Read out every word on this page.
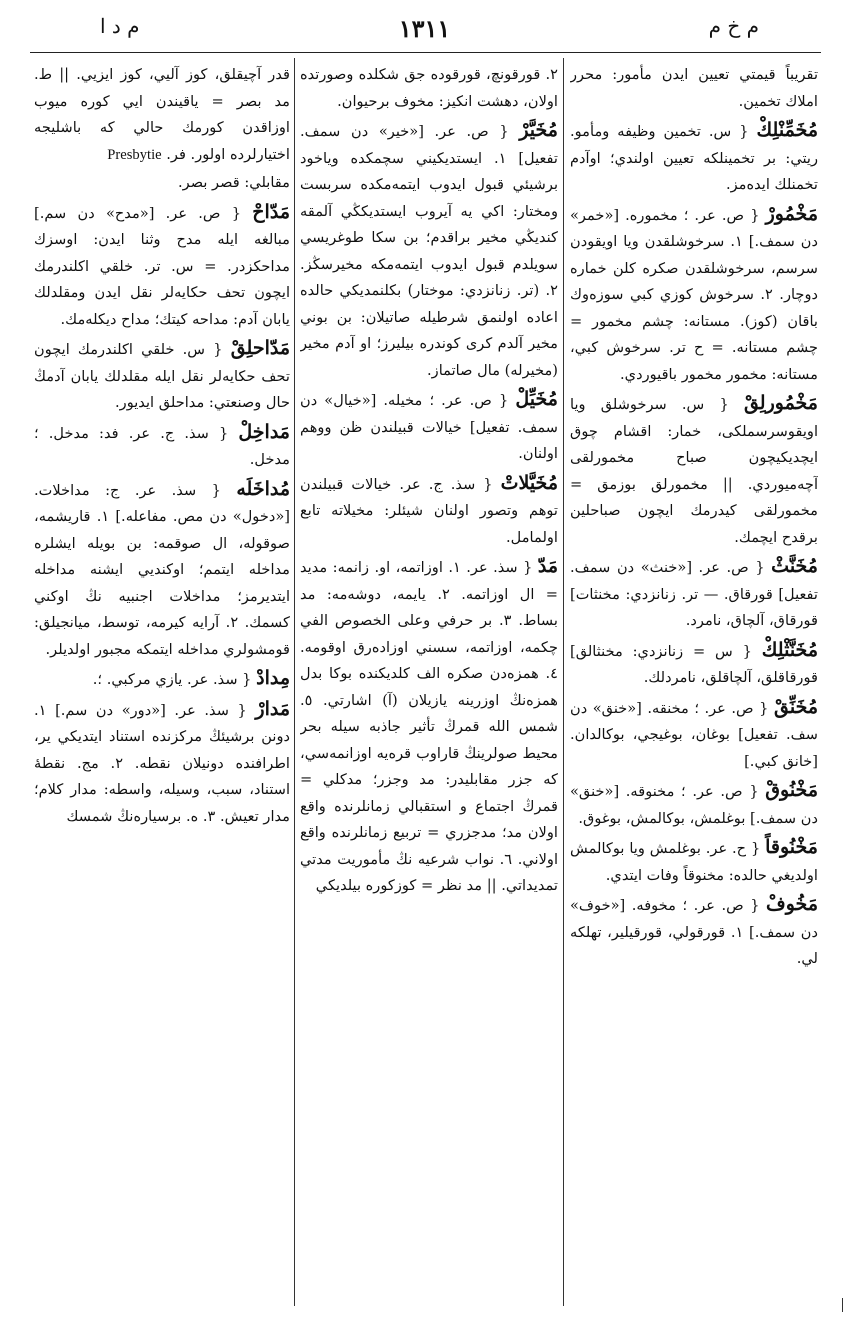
م د ا	١٣١١	م خ م

تقريباً قيمتي تعيين ايدن مأمور: محرر املاك تخمين.

مُخَمِّنْلِكْ { س. تخمين وظيفه ومأمو. ريتي: بر تخمينلكه تعيين اولندي؛ اوآدم تخمنلك ايدەمز.

مَخْمُورْ { ص. عر. ؛ مخموره. [«خمر» دن سمف.] ١. سرخوشلقدن ويا اويقودن سرسم، سرخوشلقدن صكره كلن خماره دوچار. ٢. سرخوش كوزي كبي سوزەوك باقان (كوز). مستانه: چشم مخمور = چشم مستانه. = ح تر. سرخوش كبي، مستانه: مخمور مخمور باقيوردي.

مَخْمُورلِقْ { س. سرخوشلق ويا اويقوسرسملكى، خمار: اقشام چوق ايچديكيچون صباح مخمورلقى آچەميوردي. || مخمورلق بوزمق = مخمورلقى كيدرمك ايچون صباحلين برقدح ايچمك.

مُخَنَّثْ { ص. عر. [«خنث» دن سمف. تفعيل] قورقاق. — تر. زنانزدي: مخنثات] قورقاق، آلچاق، نامرد.

مُخَنَّثْلِكْ { س = زنانزدي: مخنثالق] قورقاقلق، آلچاقلق، نامردلك.

مُخَنِّقْ { ص. عر. ؛ مخنقه. [«خنق» دن سف. تفعيل] بوغان، بوغيجي، بوكالدان. [خانق كبي.]

مَخْنُوقْ { ص. عر. ؛ مخنوقه. [«خنق» دن سمف.] بوغلمش، بوكالمش، بوغوق.

مَخْنُوقاً { ح. عر. بوغلمش ويا بوكالمش اولديغي حالده: مخنوقاً وفات ايتدي.

مَخُوفْ { ص. عر. ؛ مخوفه. [«خوف» دن سمف.] ١. قورقولي، قورقيلير، تهلكه لي.

٢. قورقونچ، قورقوده جق شكلده وصورتده اولان، دهشت انكيز: مخوف برحيوان.

مُخَيَّرْ { ص. عر. [«خير» دن سمف. تفعيل] ١. ايستديكيني سچمكده وياخود برشيئي قبول ايدوب ايتمەمكده سربست ومختار: اكي يه آيروب ايستديكڭي آلمقه كنديڭي مخير براقدم؛ بن سكا طوغريسي سويلدم قبول ايدوب ايتمەمكه مخيرسڭز. ٢. (تر. زنانزدي: موختار) بكلنمديكي حالده اعاده اولنمق شرطيله صاتيلان: بن بوني مخير آلدم كرى كوندره بيليرز؛ او آدم مخير (مخيرله) مال صاتماز.

مُخَيِّلْ { ص. عر. ؛ مخيله. [«خيال» دن سمف. تفعيل] خيالات قبيلندن ظن ووهم اولنان.

مُخَيَّلاتْ { سذ. ج. عر. خيالات قبيلندن توهم وتصور اولنان شيئلر: مخيلاته تابع اولمامل.

مَدّ { سذ. عر. ١. اوزاتمه، او. زانمه: مديد = ال اوزاتمه. ٢. يايمه، دوشەمه: مد بساط. ٣. بر حرفي وعلى الخصوص الفي چكمه، اوزاتمه، سسني اوزادەرق اوقومه. ٤. همزەدن صكره الف كلديكنده بوكا بدل همزەنڭ اوزرينه يازيلان (آ) اشارتي. ٥. شمس الله قمرڭ تأثير جاذبه سيله بحر محيط صولرينڭ قاراوب قرەيه اوزانمەسي، كه جزر مقابليدر: مد وجزر؛ مدكلي = قمرڭ اجتماع و استقبالي زمانلرنده واقع اولان مد؛ مدجزري = تربيع زمانلرنده واقع اولاني. ٦. نواب شرعيه نڭ مأموريت مدتي تمديداتي. || مد نظر = كوزكوره بيلديكي

قدر آچيقلق، كوز آليي، كوز ايزيي. || ط. مد بصر = ياقيندن ايي كوره ميوب اوزاقدن كورمك حالي كه باشليجه اختيارلرده اولور. فر. Presbytie

مقابلي: قصر بصر.

مَدّاحْ { ص. عر. [«مدح» دن سم.] مبالغه ايله مدح وثنا ايدن: اوسزك مداحكزدر. = س. تر. خلقي اكلندرمك ايچون تحف حكايەلر نقل ايدن ومقلدلك يابان آدم: مداحه كيتك؛ مداح ديكلەمك.

مَدّاحلِقْ { س. خلقي اكلندرمك ايچون تحف حكايەلر نقل ايله مقلدلك يابان آدمڭ حال وصنعتي: مداحلق ايديور.

مَداخِلْ { سذ. ج. عر. فد: مدخل. ؛ مدخل.

مُداخَلَه { سذ. عر. ج: مداخلات. [«دخول» دن مص. مفاعله.] ١. قاريشمه، صوقوله، ال صوقمه: بن بويله ايشلره مداخله ايتمم؛ اوكنديي ايشنه مداخله ايتديرمز؛ مداخلات اجنبيه نڭ اوكني كسمك. ٢. آرايه كيرمه، توسط، ميانجيلق: قومشولري مداخله ايتمكه مجبور اولديلر.

مِدادْ { سذ. عر. يازي مركبي. ؛.

مَدارْ { سذ. عر. [«دور» دن سم.] ١. دونن برشيئڭ مركزنده استناد ايتديكي ير، اطرافنده دونيلان نقطه. ٢. مج. نقطهٔ استناد، سبب، وسيله، واسطه: مدار كلام؛ مدار تعيش. ٣. ه. برسيارەنڭ شمسك
